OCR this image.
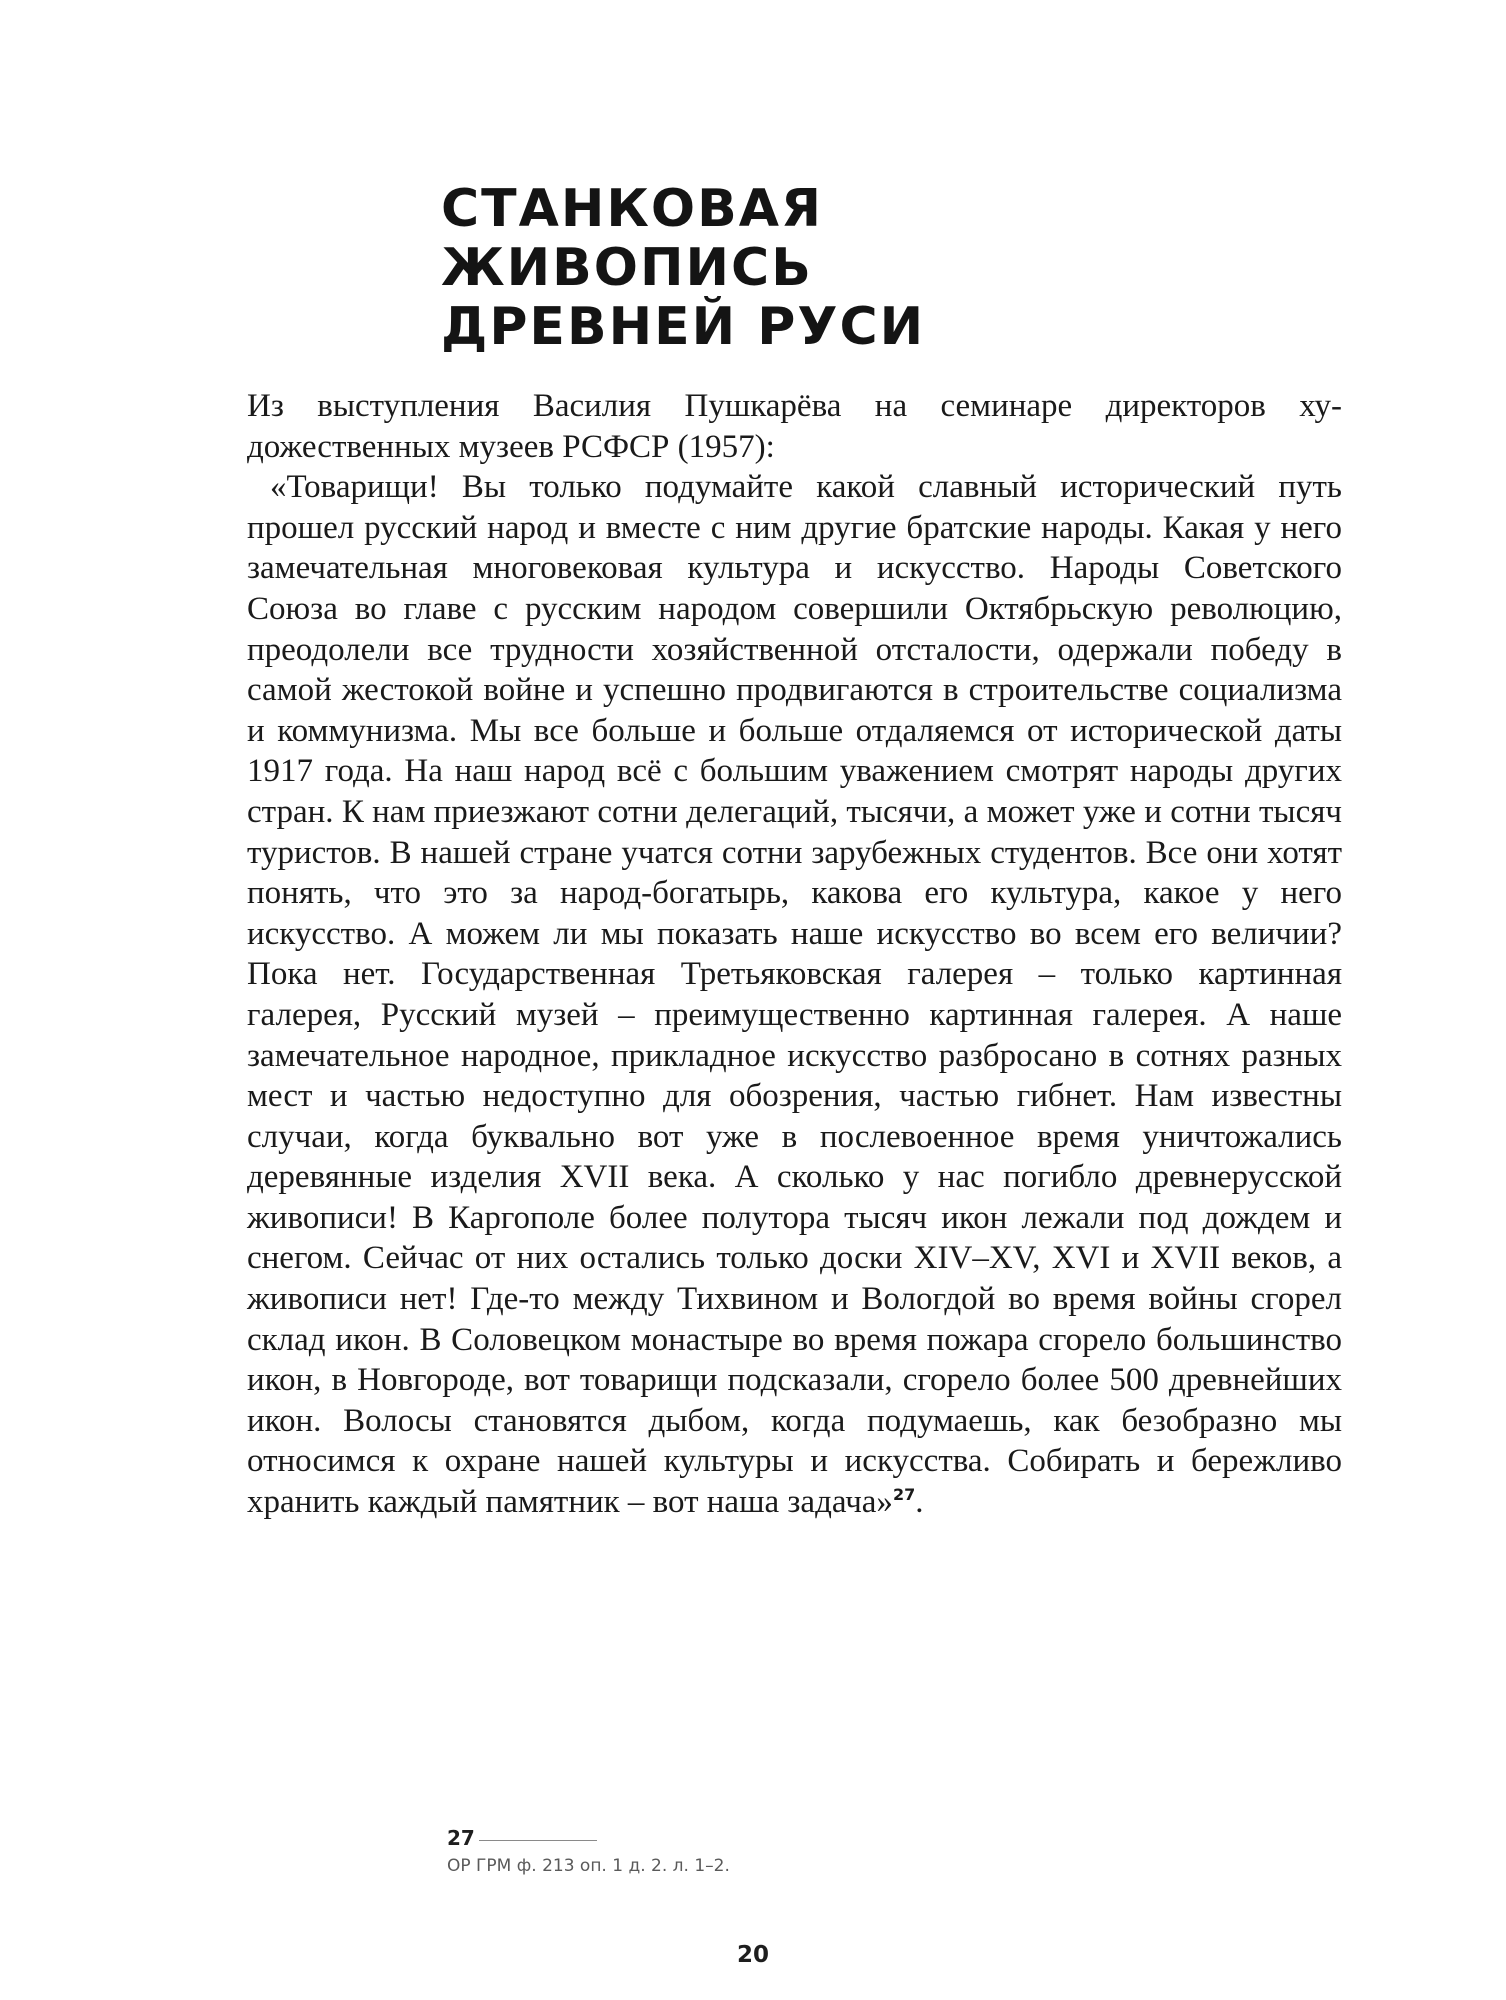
СТАНКОВАЯ
ЖИВОПИСЬ
ДРЕВНЕЙ РУСИ

Из выступления Василия Пушкарёва на семинаре директоров художественных музеев РСФСР (1957):

«Товарищи! Вы только подумайте какой славный исторический путь прошел русский народ и вместе с ним другие братские народы. Какая у него замечательная многовековая культура и искусство. Народы Советского Союза во главе с русским народом совершили Октябрьскую революцию, преодолели все трудности хозяйственной отсталости, одержали победу в самой жестокой войне и успешно продвигаются в строительстве социализма и коммунизма. Мы все больше и больше отдаляемся от исторической даты 1917 года. На наш народ всё с большим уважением смотрят народы других стран. К нам приезжают сотни делегаций, тысячи, а может уже и сотни тысяч туристов. В нашей стране учатся сотни зарубежных студентов. Все они хотят понять, что это за народ-богатырь, какова его культура, какое у него искусство. А можем ли мы показать наше искусство во всем его величии? Пока нет. Государственная Третьяковская галерея – только картинная галерея, Русский музей – преимущественно картинная галерея. А наше замечательное народное, прикладное искусство разбросано в сотнях разных мест и частью недоступно для обозрения, частью гибнет. Нам известны случаи, когда буквально вот уже в послевоенное время уничтожались деревянные изделия XVII века. А сколько у нас погибло древнерусской живописи! В Каргополе более полутора тысяч икон лежали под дождем и снегом. Сейчас от них остались только доски XIV–XV, XVI и XVII веков, а живописи нет! Где-то между Тихвином и Вологдой во время войны сгорел склад икон. В Соловецком монастыре во время пожара сгорело большинство икон, в Новгороде, вот товарищи подсказали, сгорело более 500 древнейших икон. Волосы становятся дыбом, когда подумаешь, как безобразно мы относимся к охране нашей культуры и искусства. Собирать и бережливо хранить каждый памятник – вот наша задача»$^{27}$.

27
ОР ГРМ ф. 213 оп. 1 д. 2. л. 1–2.
20
